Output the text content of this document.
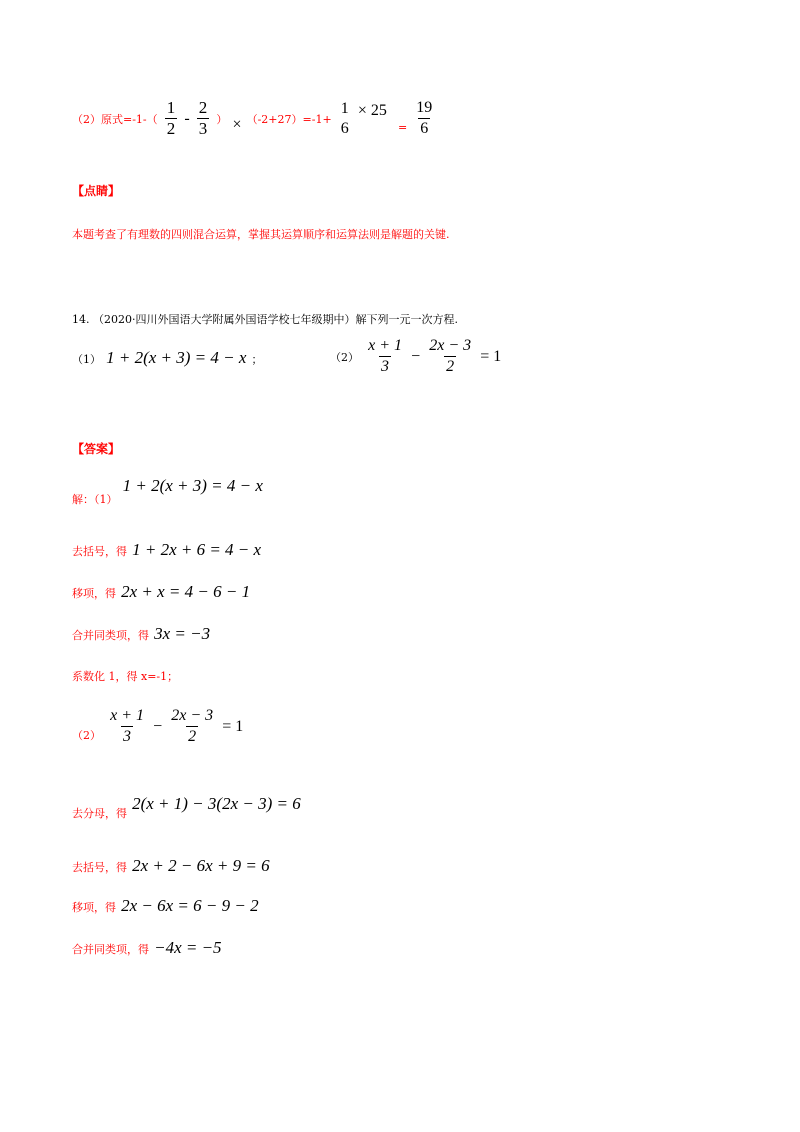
（2）原式$=-1-( \frac{1}{2} - \frac{2}{3}$ ） × （-2+27）=-1+
1
6
× 25 $_= \frac{19}{6}$
【点睛】
本题考查了有理数的四则混合运算，掌握其运算顺序和运算法则是解题的关键.
14. （2020·四川外国语大学附属外国语学校七年级期中）解下列一元一次方程.
（1） 1 + 2(x + 3) = 4 − x ；	$(2) \frac{x + 1}{3} - \frac{2x - 3}{2} = 1$
【答案】
$_{解:(1)}$ 1 + 2(x + 3) = 4 − x
去括号，得 1 + 2x + 6 = 4 − x
移项，得 2x + x = 4 − 6 − 1
合并同类项，得 3x = −3
系数化 1，得 x=-1；
$_{(2)} \frac{x + 1}{3} - \frac{2x - 3}{2} = 1$
$_{去分母,得}$ 2(x + 1) − 3(2x − 3) = 6
去括号，得 2x + 2 − 6x + 9 = 6
移项，得 2x − 6x = 6 − 9 − 2
合并同类项，得 −4x = −5
